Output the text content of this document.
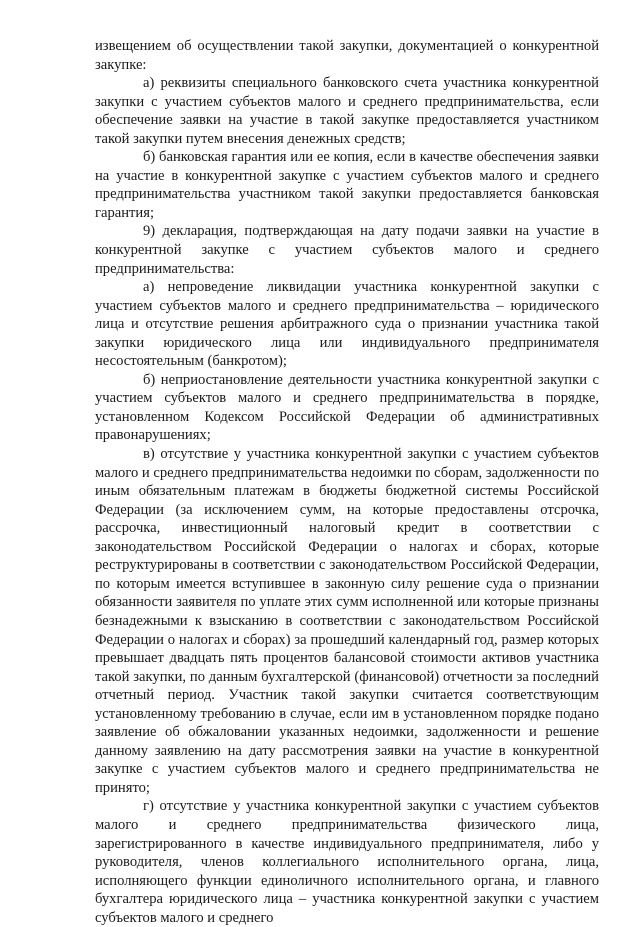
извещением об осуществлении такой закупки, документацией о конкурентной закупке:

а) реквизиты специального банковского счета участника конкурентной закупки с участием субъектов малого и среднего предпринимательства, если обеспечение заявки на участие в такой закупке предоставляется участником такой закупки путем внесения денежных средств;

б) банковская гарантия или ее копия, если в качестве обеспечения заявки на участие в конкурентной закупке с участием субъектов малого и среднего предпринимательства участником такой закупки предоставляется банковская гарантия;

9) декларация, подтверждающая на дату подачи заявки на участие в конкурентной закупке с участием субъектов малого и среднего предпринимательства:

а) непроведение ликвидации участника конкурентной закупки с участием субъектов малого и среднего предпринимательства – юридического лица и отсутствие решения арбитражного суда о признании участника такой закупки юридического лица или индивидуального предпринимателя несостоятельным (банкротом);

б) неприостановление деятельности участника конкурентной закупки с участием субъектов малого и среднего предпринимательства в порядке, установленном Кодексом Российской Федерации об административных правонарушениях;

в) отсутствие у участника конкурентной закупки с участием субъектов малого и среднего предпринимательства недоимки по сборам, задолженности по иным обязательным платежам в бюджеты бюджетной системы Российской Федерации (за исключением сумм, на которые предоставлены отсрочка, рассрочка, инвестиционный налоговый кредит в соответствии с законодательством Российской Федерации о налогах и сборах, которые реструктурированы в соответствии с законодательством Российской Федерации, по которым имеется вступившее в законную силу решение суда о признании обязанности заявителя по уплате этих сумм исполненной или которые признаны безнадежными к взысканию в соответствии с законодательством Российской Федерации о налогах и сборах) за прошедший календарный год, размер которых превышает двадцать пять процентов балансовой стоимости активов участника такой закупки, по данным бухгалтерской (финансовой) отчетности за последний отчетный период. Участник такой закупки считается соответствующим установленному требованию в случае, если им в установленном порядке подано заявление об обжаловании указанных недоимки, задолженности и решение данному заявлению на дату рассмотрения заявки на участие в конкурентной закупке с участием субъектов малого и среднего предпринимательства не принято;

г) отсутствие у участника конкурентной закупки с участием субъектов малого и среднего предпринимательства физического лица, зарегистрированного в качестве индивидуального предпринимателя, либо у руководителя, членов коллегиального исполнительного органа, лица, исполняющего функции единоличного исполнительного органа, и главного бухгалтера юридического лица – участника конкурентной закупки с участием субъектов малого и среднего
